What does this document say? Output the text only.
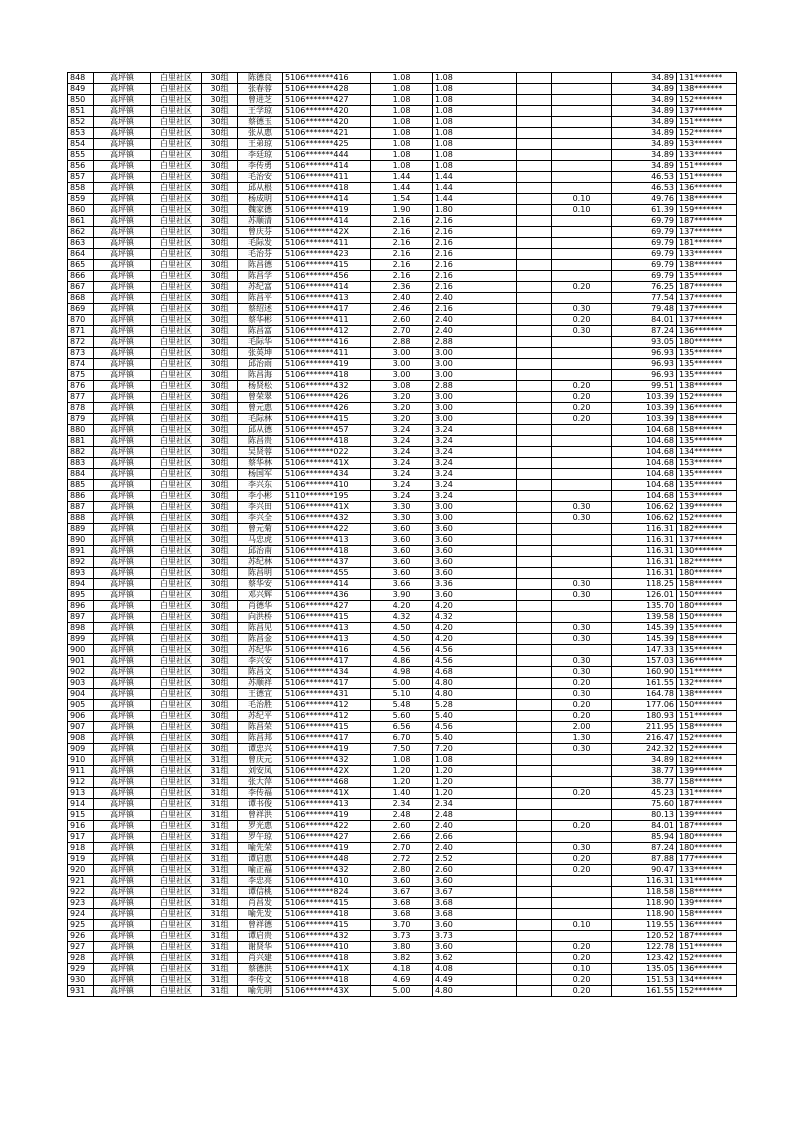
848	高坪镇	白里社区	30组	陈德良	5106*******416	1.08	1.08			34.89	131*******
849	高坪镇	白里社区	30组	张春蓉	5106*******428	1.08	1.08			34.89	138*******
850	高坪镇	白里社区	30组	曾进芝	5106*******427	1.08	1.08			34.89	152*******
851	高坪镇	白里社区	30组	王学琼	5106*******420	1.08	1.08			34.89	137*******
852	高坪镇	白里社区	30组	蔡德玉	5106*******420	1.08	1.08			34.89	151*******
853	高坪镇	白里社区	30组	张从惠	5106*******421	1.08	1.08			34.89	152*******
854	高坪镇	白里社区	30组	王弟琼	5106*******425	1.08	1.08			34.89	153*******
855	高坪镇	白里社区	30组	李廷琼	5106*******444	1.08	1.08			34.89	133*******
856	高坪镇	白里社区	30组	李传勇	5106*******414	1.08	1.08			34.89	151*******
857	高坪镇	白里社区	30组	毛治安	5106*******411	1.44	1.44			46.53	151*******
858	高坪镇	白里社区	30组	邱从根	5106*******418	1.44	1.44			46.53	136*******
859	高坪镇	白里社区	30组	杨成明	5106*******414	1.54	1.44		0.10	49.76	138*******
860	高坪镇	白里社区	30组	魏家德	5106*******419	1.90	1.80		0.10	61.39	159*******
861	高坪镇	白里社区	30组	苏顺清	5106*******414	2.16	2.16			69.79	187*******
862	高坪镇	白里社区	30组	曾庆芬	5106*******42X	2.16	2.16			69.79	137*******
863	高坪镇	白里社区	30组	毛际发	5106*******411	2.16	2.16			69.79	181*******
864	高坪镇	白里社区	30组	毛治芬	5106*******423	2.16	2.16			69.79	133*******
865	高坪镇	白里社区	30组	陈昌德	5106*******415	2.16	2.16			69.79	138*******
866	高坪镇	白里社区	30组	陈昌学	5106*******456	2.16	2.16			69.79	135*******
867	高坪镇	白里社区	30组	苏纪富	5106*******414	2.36	2.16		0.20	76.25	187*******
868	高坪镇	白里社区	30组	陈昌平	5106*******413	2.40	2.40			77.54	137*******
869	高坪镇	白里社区	30组	蔡绍述	5106*******417	2.46	2.16		0.30	79.48	137*******
870	高坪镇	白里社区	30组	蔡华彬	5106*******411	2.60	2.40		0.20	84.01	137*******
871	高坪镇	白里社区	30组	陈昌富	5106*******412	2.70	2.40		0.30	87.24	136*******
872	高坪镇	白里社区	30组	毛际华	5106*******416	2.88	2.88			93.05	180*******
873	高坪镇	白里社区	30组	张英坤	5106*******411	3.00	3.00			96.93	135*******
874	高坪镇	白里社区	30组	邱治雨	5106*******419	3.00	3.00			96.93	135*******
875	高坪镇	白里社区	30组	陈昌海	5106*******418	3.00	3.00			96.93	135*******
876	高坪镇	白里社区	30组	杨贤松	5106*******432	3.08	2.88		0.20	99.51	138*******
877	高坪镇	白里社区	30组	曾荣翠	5106*******426	3.20	3.00		0.20	103.39	152*******
878	高坪镇	白里社区	30组	曾元惠	5106*******426	3.20	3.00		0.20	103.39	136*******
879	高坪镇	白里社区	30组	毛际林	5106*******415	3.20	3.00		0.20	103.39	138*******
880	高坪镇	白里社区	30组	邱从德	5106*******457	3.24	3.24			104.68	158*******
881	高坪镇	白里社区	30组	陈昌贵	5106*******418	3.24	3.24			104.68	135*******
882	高坪镇	白里社区	30组	吴贤蓉	5106*******022	3.24	3.24			104.68	134*******
883	高坪镇	白里社区	30组	蔡华林	5106*******41X	3.24	3.24			104.68	153*******
884	高坪镇	白里社区	30组	杨国军	5106*******434	3.24	3.24			104.68	135*******
885	高坪镇	白里社区	30组	李兴东	5106*******410	3.24	3.24			104.68	135*******
886	高坪镇	白里社区	30组	李小彬	5110*******195	3.24	3.24			104.68	153*******
887	高坪镇	白里社区	30组	李兴田	5106*******41X	3.30	3.00		0.30	106.62	139*******
888	高坪镇	白里社区	30组	李兴全	5106*******432	3.30	3.00		0.30	106.62	152*******
889	高坪镇	白里社区	30组	曾元菊	5106*******422	3.60	3.60			116.31	182*******
890	高坪镇	白里社区	30组	马忠虎	5106*******413	3.60	3.60			116.31	137*******
891	高坪镇	白里社区	30组	邱治南	5106*******418	3.60	3.60			116.31	130*******
892	高坪镇	白里社区	30组	苏纪林	5106*******437	3.60	3.60			116.31	182*******
893	高坪镇	白里社区	30组	陈昌明	5106*******455	3.60	3.60			116.31	180*******
894	高坪镇	白里社区	30组	蔡华安	5106*******414	3.66	3.36		0.30	118.25	158*******
895	高坪镇	白里社区	30组	邓兴辉	5106*******436	3.90	3.60		0.30	126.01	150*******
896	高坪镇	白里社区	30组	肖德华	5106*******427	4.20	4.20			135.70	180*******
897	高坪镇	白里社区	30组	向洪桥	5106*******415	4.32	4.32			139.58	150*******
898	高坪镇	白里社区	30组	陈昌见	5106*******413	4.50	4.20		0.30	145.39	135*******
899	高坪镇	白里社区	30组	陈昌金	5106*******413	4.50	4.20		0.30	145.39	158*******
900	高坪镇	白里社区	30组	苏纪华	5106*******416	4.56	4.56			147.33	135*******
901	高坪镇	白里社区	30组	李兴安	5106*******417	4.86	4.56		0.30	157.03	136*******
902	高坪镇	白里社区	30组	陈昌文	5106*******434	4.98	4.68		0.30	160.90	151*******
903	高坪镇	白里社区	30组	苏顺祥	5106*******417	5.00	4.80		0.20	161.55	132*******
904	高坪镇	白里社区	30组	王德宜	5106*******431	5.10	4.80		0.30	164.78	138*******
905	高坪镇	白里社区	30组	毛治胜	5106*******412	5.48	5.28		0.20	177.06	150*******
906	高坪镇	白里社区	30组	苏纪平	5106*******412	5.60	5.40		0.20	180.93	151*******
907	高坪镇	白里社区	30组	陈昌荣	5106*******415	6.56	4.56		2.00	211.95	158*******
908	高坪镇	白里社区	30组	陈昌邦	5106*******417	6.70	5.40		1.30	216.47	152*******
909	高坪镇	白里社区	30组	谭忠兴	5106*******419	7.50	7.20		0.30	242.32	152*******
910	高坪镇	白里社区	31组	曾庆元	5106*******432	1.08	1.08			34.89	182*******
911	高坪镇	白里社区	31组	刘安凤	5106*******42X	1.20	1.20			38.77	139*******
912	高坪镇	白里社区	31组	张大萍	5106*******468	1.20	1.20			38.77	158*******
913	高坪镇	白里社区	31组	李传福	5106*******41X	1.40	1.20		0.20	45.23	131*******
914	高坪镇	白里社区	31组	谭书俊	5106*******413	2.34	2.34			75.60	187*******
915	高坪镇	白里社区	31组	曾祥洪	5106*******419	2.48	2.48			80.13	139*******
916	高坪镇	白里社区	31组	罗光惠	5106*******422	2.60	2.40		0.20	84.01	187*******
917	高坪镇	白里社区	31组	罗午琼	5106*******427	2.66	2.66			85.94	180*******
918	高坪镇	白里社区	31组	喻先荣	5106*******419	2.70	2.40		0.30	87.24	180*******
919	高坪镇	白里社区	31组	谭启惠	5106*******448	2.72	2.52		0.20	87.88	177*******
920	高坪镇	白里社区	31组	喻正福	5106*******432	2.80	2.60		0.20	90.47	133*******
921	高坪镇	白里社区	31组	李忠亮	5106*******410	3.60	3.60			116.31	131*******
922	高坪镇	白里社区	31组	谭信桃	5106*******824	3.67	3.67			118.58	158*******
923	高坪镇	白里社区	31组	肖昌发	5106*******415	3.68	3.68			118.90	139*******
924	高坪镇	白里社区	31组	喻先发	5106*******418	3.68	3.68			118.90	158*******
925	高坪镇	白里社区	31组	曾祥德	5106*******415	3.70	3.60		0.10	119.55	136*******
926	高坪镇	白里社区	31组	谭启贵	5106*******432	3.73	3.73			120.52	187*******
927	高坪镇	白里社区	31组	谢贤华	5106*******410	3.80	3.60		0.20	122.78	151*******
928	高坪镇	白里社区	31组	肖兴建	5106*******418	3.82	3.62		0.20	123.42	152*******
929	高坪镇	白里社区	31组	蔡德洪	5106*******41X	4.18	4.08		0.10	135.05	136*******
930	高坪镇	白里社区	31组	李传文	5106*******418	4.69	4.49		0.20	151.53	134*******
931	高坪镇	白里社区	31组	喻先明	5106*******43X	5.00	4.80		0.20	161.55	152*******
